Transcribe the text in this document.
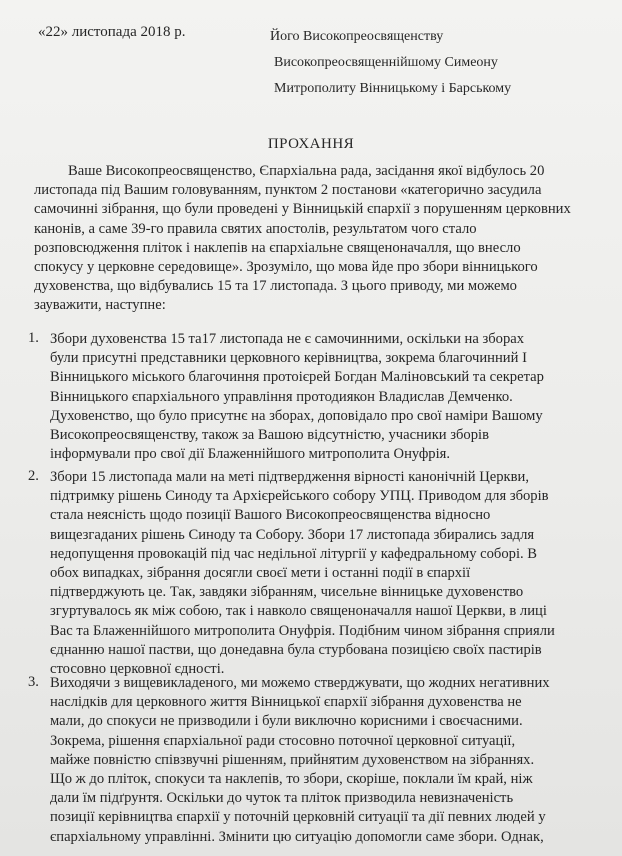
«22» листопада 2018 р.	Його Високопреосвященству
Високопреосвященнійшому Симеону
Митрополиту Вінницькому і Барському
ПРОХАННЯ
Ваше Високопреосвященство, Єпархіальна рада, засідання якої відбулось 20
листопада під Вашим головуванням, пунктом 2 постанови «категорично засудила
самочинні зібрання, що були проведені у Вінницькій єпархії з порушенням церковних
канонів, а саме 39-го правила святих апостолів, результатом чого стало
розповсюдження пліток і наклепів на єпархіальне священоначалля, що внесло
спокусу у церковне середовище». Зрозуміло, що мова йде про збори вінницького
духовенства, що відбувались 15 та 17 листопада. З цього приводу, ми можемо
зауважити, наступне:
1. Збори духовенства 15 та17 листопада не є самочинними, оскільки на зборах
були присутні представники церковного керівництва, зокрема благочинний І
Вінницького міського благочиння протоієрей Богдан Маліновський та секретар
Вінницького єпархіального управління протодиякон Владислав Демченко.
Духовенство, що було присутнє на зборах, доповідало про свої наміри Вашому
Високопреосвященству, також за Вашою відсутністю, учасники зборів
інформували про свої дії Блаженнійшого митрополита Онуфрія.
2. Збори 15 листопада мали на меті підтвердження вірності канонічній Церкви,
підтримку рішень Синоду та Архієрейського собору УПЦ. Приводом для зборів
стала неясність щодо позиції Вашого Високопреосвященства відносно
вищезгаданих рішень Синоду та Собору. Збори 17 листопада збирались задля
недопущення провокацій під час недільної літургії у кафедральному соборі. В
обох випадках, зібрання досягли своєї мети і останні події в єпархії
підтверджують це. Так, завдяки зібранням, чисельне вінницьке духовенство
згуртувалось як між собою, так і навколо священоначалля нашої Церкви, в лиці
Вас та Блаженнійшого митрополита Онуфрія. Подібним чином зібрання сприяли
єднанню нашої пастви, що донедавна була стурбована позицією своїх пастирів
стосовно церковної єдності.
3. Виходячи з вищевикладеного, ми можемо стверджувати, що жодних негативних
наслідків для церковного життя Вінницької єпархії зібрання духовенства не
мали, до спокуси не призводили і були виключно корисними і своєчасними.
Зокрема, рішення єпархіальної ради стосовно поточної церковної ситуації,
майже повністю співзвучні рішенням, прийнятим духовенством на зібраннях.
Що ж до пліток, спокуси та наклепів, то збори, скоріше, поклали їм край, ніж
дали їм підґрунтя. Оскільки до чуток та пліток призводила невизначеність
позиції керівництва єпархії у поточній церковній ситуації та дії певних людей у
єпархіальному управлінні. Змінити цю ситуацію допомогли саме збори. Однак,
